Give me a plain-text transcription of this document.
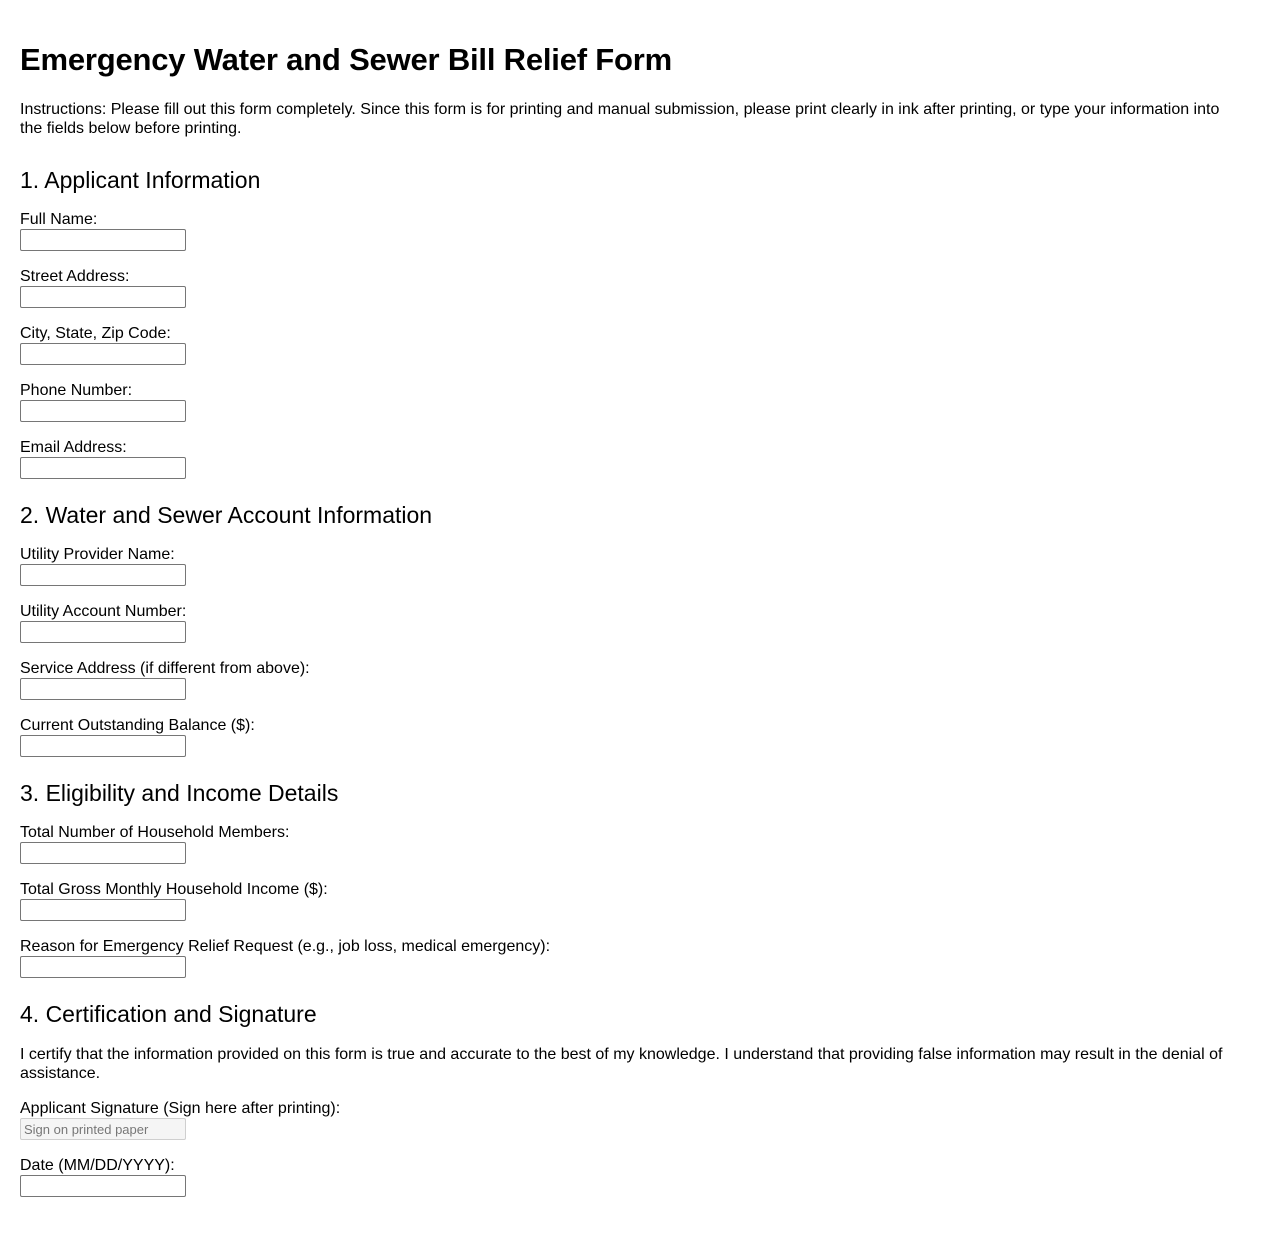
Emergency Water and Sewer Bill Relief Form

Instructions: Please fill out this form completely. Since this form is for printing and manual submission, please print clearly in ink after printing, or type your information into the fields below before printing.

1. Applicant Information
Full Name:
Street Address:
City, State, Zip Code:
Phone Number:
Email Address:
2. Water and Sewer Account Information
Utility Provider Name:
Utility Account Number:
Service Address (if different from above):
Current Outstanding Balance ($):
3. Eligibility and Income Details
Total Number of Household Members:
Total Gross Monthly Household Income ($):
Reason for Emergency Relief Request (e.g., job loss, medical emergency):
4. Certification and Signature

I certify that the information provided on this form is true and accurate to the best of my knowledge. I understand that providing false information may result in the denial of assistance.

Applicant Signature (Sign here after printing):
Sign on printed paper
Date (MM/DD/YYYY):
